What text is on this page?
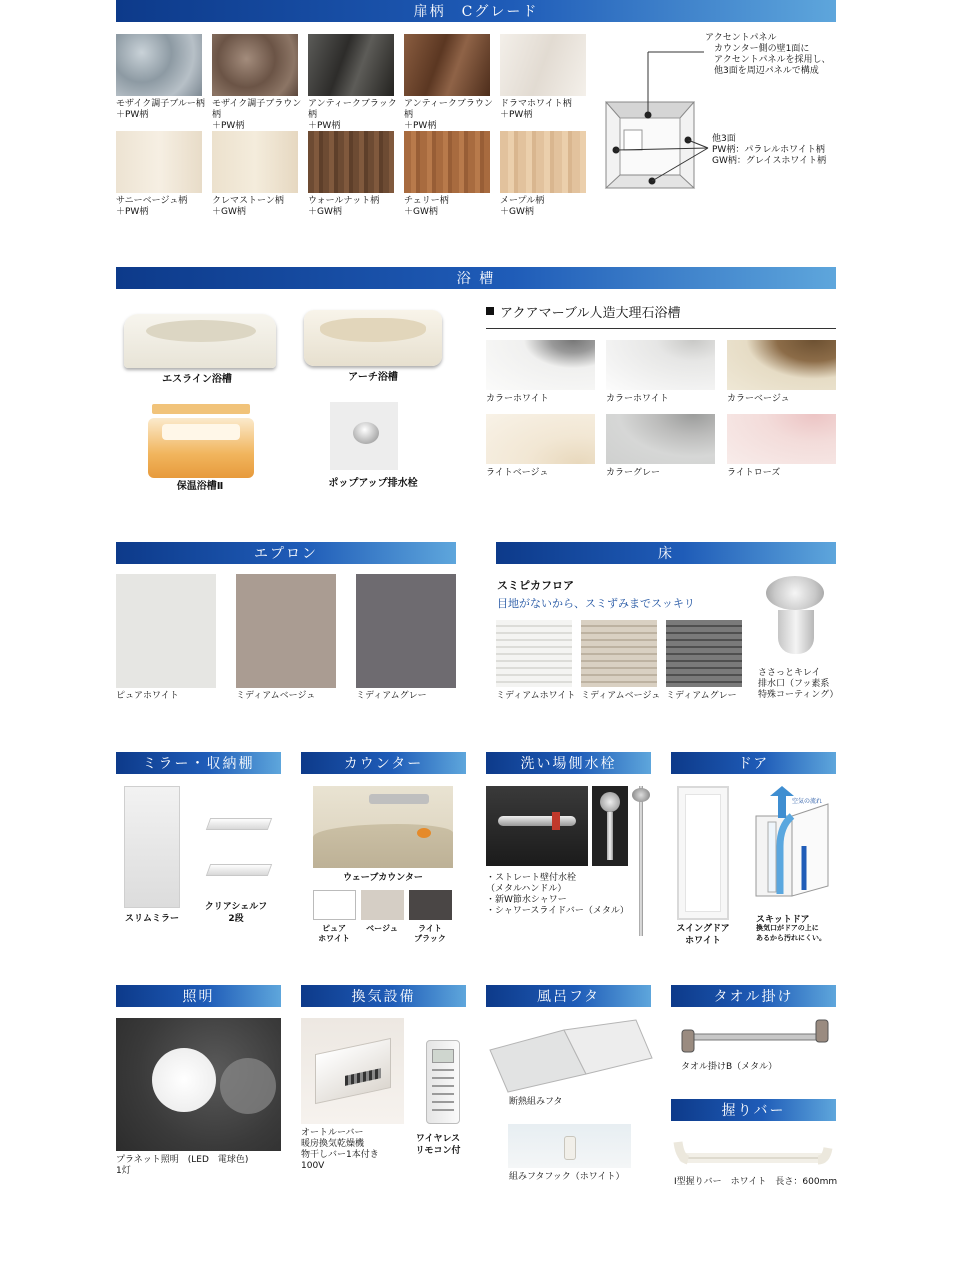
扉柄　Cグレード
モザイク調子ブルー柄
＋PW柄
モザイク調子ブラウン柄
＋PW柄
アンティークブラック柄
＋PW柄
アンティークブラウン柄
＋PW柄
ドラマホワイト柄
＋PW柄
サニーベージュ柄
＋PW柄
クレマストーン柄
＋GW柄
ウォールナット柄
＋GW柄
チェリー柄
＋GW柄
メープル柄
＋GW柄
アクセントパネル
　カウンター側の壁1面に
　アクセントパネルを採用し、
　他3面を周辺パネルで構成
他3面
PW柄：パラレルホワイト柄
GW柄：グレイスホワイト柄
浴 槽
エスライン浴槽	アーチ浴槽
保温浴槽Ⅱ	ポップアップ排水栓
アクアマーブル人造大理石浴槽
カラーホワイト	カラーホワイト	カラーベージュ
ライトベージュ	カラーグレー	ライトローズ
エプロン
ピュアホワイト	ミディアムベージュ	ミディアムグレー
床
スミピカフロア
目地がないから、スミずみまでスッキリ
ミディアムホワイト ミディアムベージュ ミディアムグレー
ささっとキレイ
排水口（フッ素系
特殊コーティング）
ミラー・収納棚
スリムミラー
クリアシェルフ
2段
カウンター
ウェーブカウンター
ピュア
ホワイト
ベージュ	ライト
ブラック
洗い場側水栓
・ストレート壁付水栓
（メタルハンドル）
・新W節水シャワー
・シャワースライドバー（メタル）
ドア
スイングドア
ホワイト
空気の流れ
スキットドア
換気口がドアの上に
あるから汚れにくい。
照明
プラネット照明　(LED　電球色)
1灯
換気設備
オートルーバー
暖房換気乾燥機
物干しバー1本付き
100V
ワイヤレス
リモコン付
風呂フタ
断熱組みフタ
組みフタフック（ホワイト）
タオル掛け
タオル掛けB（メタル）
握りバー
I型握りバー　ホワイト　長さ：600mm
